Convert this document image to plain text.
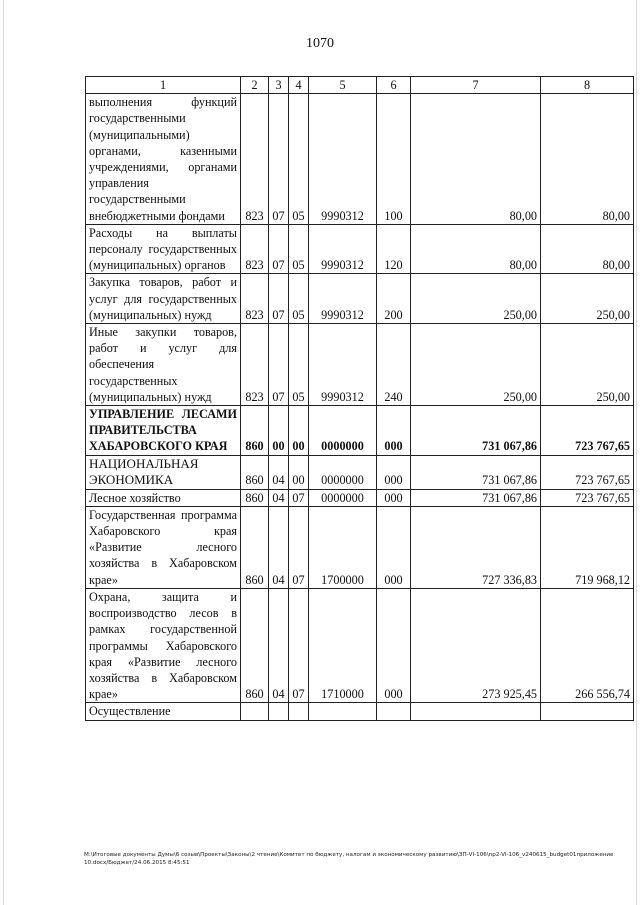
1070
1	2	3	4	5	6	7	8
выполнения функций государственными (муниципальными) органами, казенными учреждениями, органами управления государственными внебюджетными фондами	823	07	05	9990312	100	80,00	80,00
Расходы на выплаты персоналу государственных (муниципальных) органов	823	07	05	9990312	120	80,00	80,00
Закупка товаров, работ и услуг для государственных (муниципальных) нужд	823	07	05	9990312	200	250,00	250,00
Иные закупки товаров, работ и услуг для обеспечения государственных (муниципальных) нужд	823	07	05	9990312	240	250,00	250,00
УПРАВЛЕНИЕ ЛЕСАМИ ПРАВИТЕЛЬСТВА ХАБАРОВСКОГО КРАЯ	860	00	00	0000000	000	731 067,86	723 767,65
НАЦИОНАЛЬНАЯ ЭКОНОМИКА	860	04	00	0000000	000	731 067,86	723 767,65
Лесное хозяйство	860	04	07	0000000	000	731 067,86	723 767,65
Государственная программа Хабаровского края «Развитие лесного хозяйства в Хабаровском крае»	860	04	07	1700000	000	727 336,83	719 968,12
Охрана, защита и воспроизводство лесов в рамках государственной программы Хабаровского края «Развитие лесного хозяйства в Хабаровском крае»	860	04	07	1710000	000	273 925,45	266 556,74
Осуществление							
M:\Итоговые документы Думы\6 созыв\Проекты\Законы\2 чтение\Комитет по бюджету, налогам и экономическому развитию\ЗП-VI-106\np2-VI-106_v240615_budget01приложение10.docx/Бюджет/24.06.2015 8:45:51
